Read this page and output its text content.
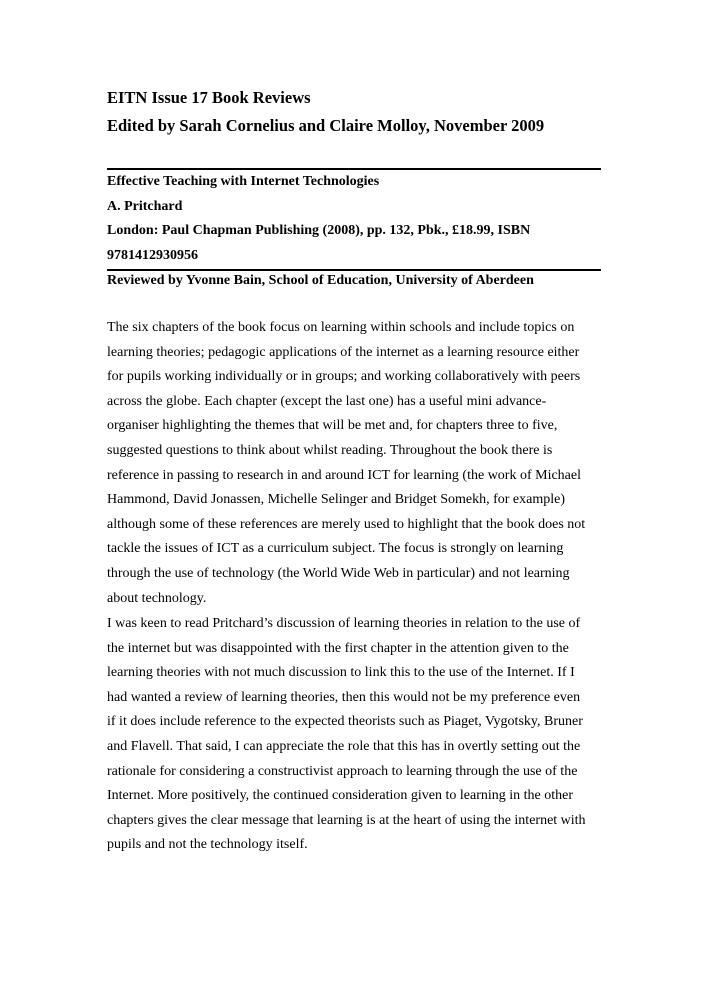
EITN Issue 17 Book Reviews
Edited by Sarah Cornelius and Claire Molloy, November 2009
Effective Teaching with Internet Technologies
A. Pritchard
London: Paul Chapman Publishing (2008), pp. 132, Pbk., £18.99, ISBN
9781412930956
Reviewed by Yvonne Bain, School of Education, University of Aberdeen
The six chapters of the book focus on learning within schools and include topics on
learning theories; pedagogic applications of the internet as a learning resource either
for pupils working individually or in groups; and working collaboratively with peers
across the globe. Each chapter (except the last one) has a useful mini advance-
organiser highlighting the themes that will be met and, for chapters three to five,
suggested questions to think about whilst reading. Throughout the book there is
reference in passing to research in and around ICT for learning (the work of Michael
Hammond, David Jonassen, Michelle Selinger and Bridget Somekh, for example)
although some of these references are merely used to highlight that the book does not
tackle the issues of ICT as a curriculum subject. The focus is strongly on learning
through the use of technology (the World Wide Web in particular) and not learning
about technology.
I was keen to read Pritchard’s discussion of learning theories in relation to the use of
the internet but was disappointed with the first chapter in the attention given to the
learning theories with not much discussion to link this to the use of the Internet. If I
had wanted a review of learning theories, then this would not be my preference even
if it does include reference to the expected theorists such as Piaget, Vygotsky, Bruner
and Flavell. That said, I can appreciate the role that this has in overtly setting out the
rationale for considering a constructivist approach to learning through the use of the
Internet. More positively, the continued consideration given to learning in the other
chapters gives the clear message that learning is at the heart of using the internet with
pupils and not the technology itself.
